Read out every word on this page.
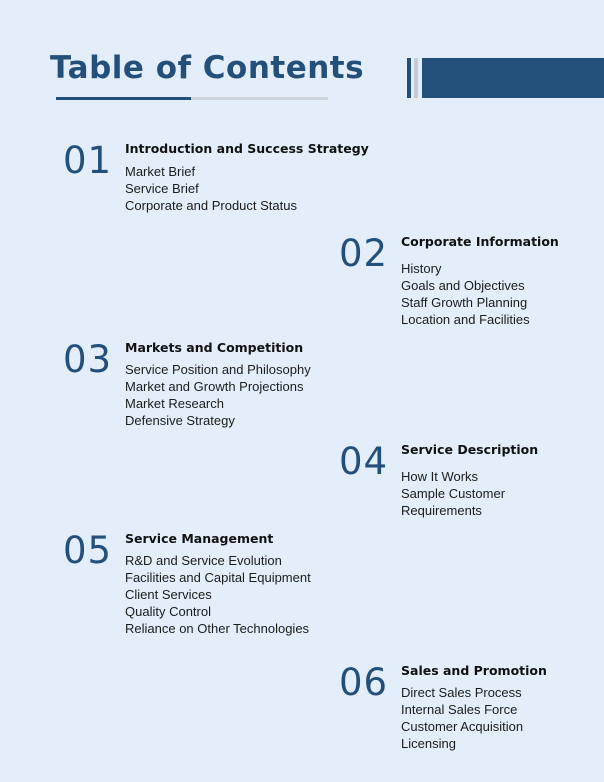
Table of Contents
01 Introduction and Success Strategy
Market Brief
Service Brief
Corporate and Product Status
02 Corporate Information
History
Goals and Objectives
Staff Growth Planning
Location and Facilities
03 Markets and Competition
Service Position and Philosophy
Market and Growth Projections
Market Research
Defensive Strategy
04 Service Description
How It Works
Sample Customer
Requirements
05 Service Management
R&D and Service Evolution
Facilities and Capital Equipment
Client Services
Quality Control
Reliance on Other Technologies
06 Sales and Promotion
Direct Sales Process
Internal Sales Force
Customer Acquisition
Licensing
